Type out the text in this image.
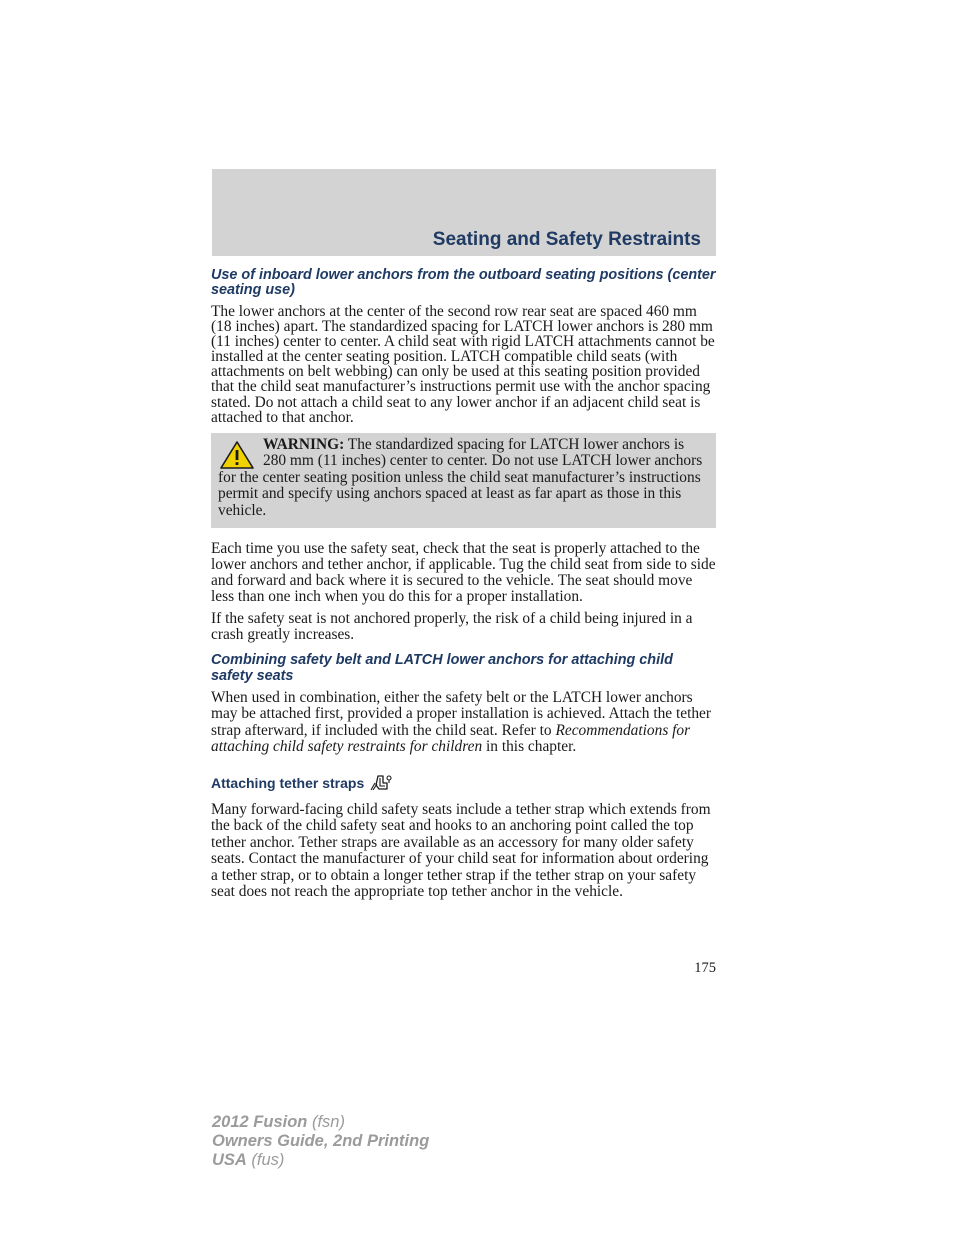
Seating and Safety Restraints
Use of inboard lower anchors from the outboard seating positions (center seating use)

The lower anchors at the center of the second row rear seat are spaced 460 mm (18 inches) apart. The standardized spacing for LATCH lower anchors is 280 mm (11 inches) center to center. A child seat with rigid LATCH attachments cannot be installed at the center seating position. LATCH compatible child seats (with attachments on belt webbing) can only be used at this seating position provided that the child seat manufacturer’s instructions permit use with the anchor spacing stated. Do not attach a child seat to any lower anchor if an adjacent child seat is attached to that anchor.

WARNING: The standardized spacing for LATCH lower anchors is 280 mm (11 inches) center to center. Do not use LATCH lower anchors for the center seating position unless the child seat manufacturer’s instructions permit and specify using anchors spaced at least as far apart as those in this vehicle.

Each time you use the safety seat, check that the seat is properly attached to the lower anchors and tether anchor, if applicable. Tug the child seat from side to side and forward and back where it is secured to the vehicle. The seat should move less than one inch when you do this for a proper installation.

If the safety seat is not anchored properly, the risk of a child being injured in a crash greatly increases.

Combining safety belt and LATCH lower anchors for attaching child safety seats

When used in combination, either the safety belt or the LATCH lower anchors may be attached first, provided a proper installation is achieved. Attach the tether strap afterward, if included with the child seat. Refer to Recommendations for attaching child safety restraints for children in this chapter.

Attaching tether straps

Many forward-facing child safety seats include a tether strap which extends from the back of the child safety seat and hooks to an anchoring point called the top tether anchor. Tether straps are available as an accessory for many older safety seats. Contact the manufacturer of your child seat for information about ordering a tether strap, or to obtain a longer tether strap if the tether strap on your safety seat does not reach the appropriate top tether anchor in the vehicle.

175
2012 Fusion (fsn)
Owners Guide, 2nd Printing
USA (fus)
